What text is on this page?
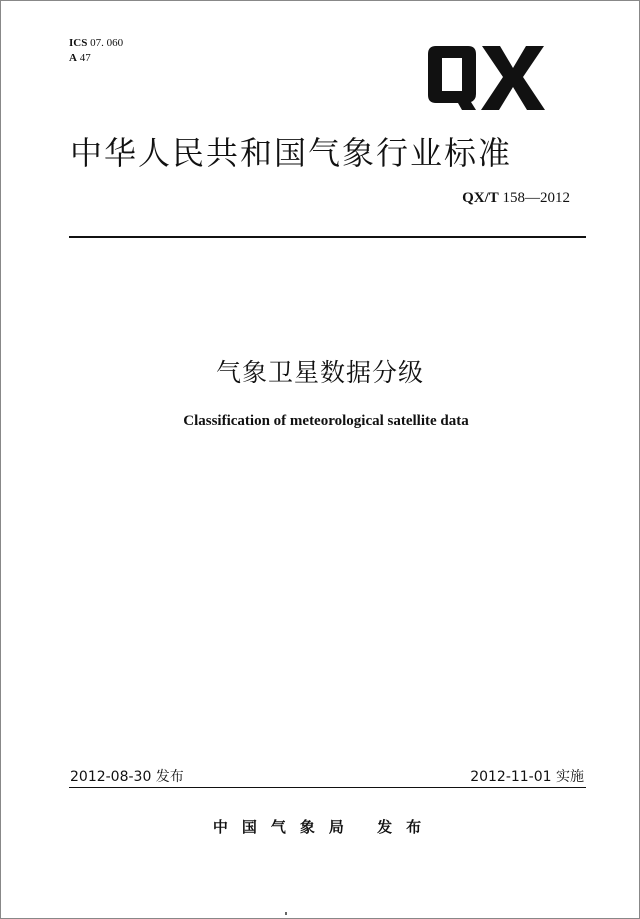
ICS 07. 060
A 47
中华人民共和国气象行业标准
QX/T 158—2012
气象卫星数据分级
Classification of meteorological satellite data
2012-08-30 发布	2012-11-01 实施
中国气象局 发布
